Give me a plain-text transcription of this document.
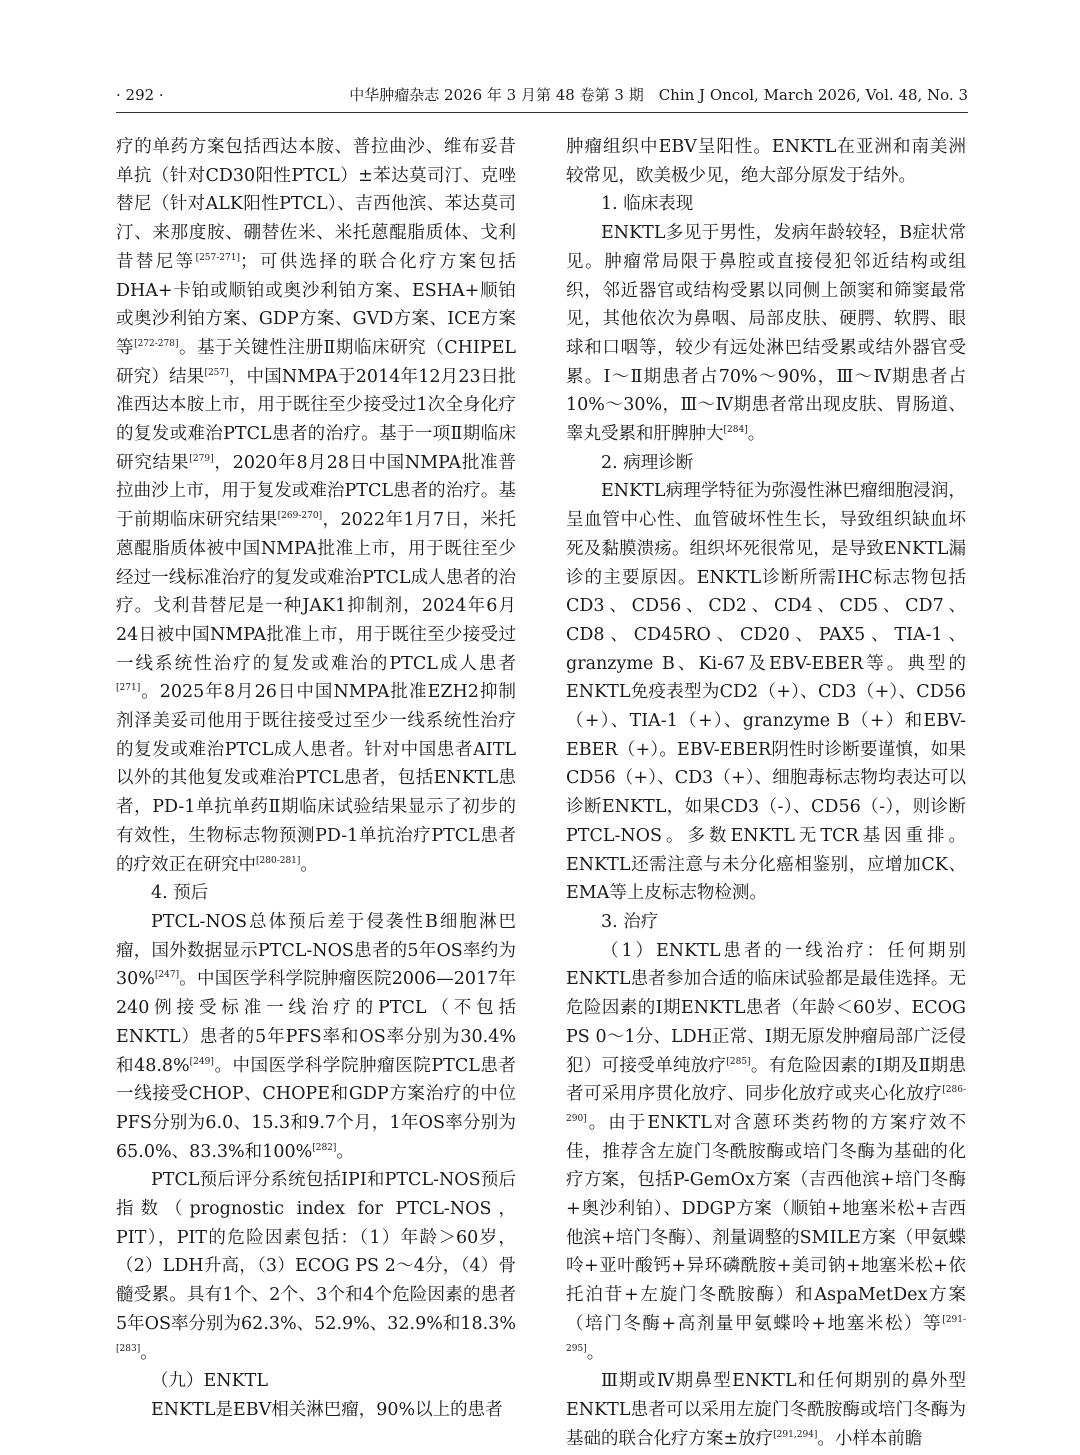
· 292 ·	中华肿瘤杂志 2026 年 3 月第 48 卷第 3 期　Chin J Oncol, March 2026, Vol. 48, No. 3

疗的单药方案包括西达本胺、普拉曲沙、维布妥昔单抗（针对CD30阳性PTCL）±苯达莫司汀、克唑替尼（针对ALK阳性PTCL）、吉西他滨、苯达莫司汀、来那度胺、硼替佐米、米托蒽醌脂质体、戈利昔替尼等[257-271]；可供选择的联合化疗方案包括DHA+卡铂或顺铂或奥沙利铂方案、ESHA+顺铂或奥沙利铂方案、GDP方案、GVD方案、ICE方案等[272-278]。基于关键性注册Ⅱ期临床研究（CHIPEL研究）结果[257]，中国NMPA于2014年12月23日批准西达本胺上市，用于既往至少接受过1次全身化疗的复发或难治PTCL患者的治疗。基于一项Ⅱ期临床研究结果[279]，2020年8月28日中国NMPA批准普拉曲沙上市，用于复发或难治PTCL患者的治疗。基于前期临床研究结果[269-270]，2022年1月7日，米托蒽醌脂质体被中国NMPA批准上市，用于既往至少经过一线标准治疗的复发或难治PTCL成人患者的治疗。戈利昔替尼是一种JAK1抑制剂，2024年6月24日被中国NMPA批准上市，用于既往至少接受过一线系统性治疗的复发或难治的PTCL成人患者[271]。2025年8月26日中国NMPA批准EZH2抑制剂泽美妥司他用于既往接受过至少一线系统性治疗的复发或难治PTCL成人患者。针对中国患者AITL以外的其他复发或难治PTCL患者，包括ENKTL患者，PD-1单抗单药Ⅱ期临床试验结果显示了初步的有效性，生物标志物预测PD-1单抗治疗PTCL患者的疗效正在研究中[280-281]。

4. 预后

PTCL-NOS总体预后差于侵袭性B细胞淋巴瘤，国外数据显示PTCL-NOS患者的5年OS率约为30%[247]。中国医学科学院肿瘤医院2006—2017年240例接受标准一线治疗的PTCL（不包括ENKTL）患者的5年PFS率和OS率分别为30.4%和48.8%[249]。中国医学科学院肿瘤医院PTCL患者一线接受CHOP、CHOPE和GDP方案治疗的中位PFS分别为6.0、15.3和9.7个月，1年OS率分别为65.0%、83.3%和100%[282]。

PTCL预后评分系统包括IPI和PTCL-NOS预后指数（prognostic index for PTCL-NOS，PIT），PIT的危险因素包括：（1）年龄＞60岁，（2）LDH升高，（3）ECOG PS 2～4分，（4）骨髓受累。具有1个、2个、3个和4个危险因素的患者5年OS率分别为62.3%、52.9%、32.9%和18.3%[283]。

（九）ENKTL

ENKTL是EBV相关淋巴瘤，90%以上的患者

肿瘤组织中EBV呈阳性。ENKTL在亚洲和南美洲较常见，欧美极少见，绝大部分原发于结外。

1. 临床表现

ENKTL多见于男性，发病年龄较轻，B症状常见。肿瘤常局限于鼻腔或直接侵犯邻近结构或组织，邻近器官或结构受累以同侧上颌窦和筛窦最常见，其他依次为鼻咽、局部皮肤、硬腭、软腭、眼球和口咽等，较少有远处淋巴结受累或结外器官受累。Ⅰ～Ⅱ期患者占70%～90%，Ⅲ～Ⅳ期患者占10%～30%，Ⅲ～Ⅳ期患者常出现皮肤、胃肠道、睾丸受累和肝脾肿大[284]。

2. 病理诊断

ENKTL病理学特征为弥漫性淋巴瘤细胞浸润，呈血管中心性、血管破坏性生长，导致组织缺血坏死及黏膜溃疡。组织坏死很常见，是导致ENKTL漏诊的主要原因。ENKTL诊断所需IHC标志物包括CD3、CD56、CD2、CD4、CD5、CD7、CD8、CD45RO、CD20、PAX5、TIA-1、granzyme B、Ki-67及EBV-EBER等。典型的ENKTL免疫表型为CD2（+）、CD3（+）、CD56（+）、TIA-1（+）、granzyme B（+）和EBV-EBER（+）。EBV-EBER阴性时诊断要谨慎，如果CD56（+）、CD3（+）、细胞毒标志物均表达可以诊断ENKTL，如果CD3（-）、CD56（-），则诊断PTCL-NOS。多数ENKTL无TCR基因重排。ENKTL还需注意与未分化癌相鉴别，应增加CK、EMA等上皮标志物检测。

3. 治疗

（1）ENKTL患者的一线治疗：任何期别ENKTL患者参加合适的临床试验都是最佳选择。无危险因素的Ⅰ期ENKTL患者（年龄＜60岁、ECOG PS 0～1分、LDH正常、Ⅰ期无原发肿瘤局部广泛侵犯）可接受单纯放疗[285]。有危险因素的Ⅰ期及Ⅱ期患者可采用序贯化放疗、同步化放疗或夹心化放疗[286-290]。由于ENKTL对含蒽环类药物的方案疗效不佳，推荐含左旋门冬酰胺酶或培门冬酶为基础的化疗方案，包括P-GemOx方案（吉西他滨+培门冬酶+奥沙利铂）、DDGP方案（顺铂+地塞米松+吉西他滨+培门冬酶）、剂量调整的SMILE方案（甲氨蝶呤+亚叶酸钙+异环磷酰胺+美司钠+地塞米松+依托泊苷+左旋门冬酰胺酶）和AspaMetDex方案（培门冬酶+高剂量甲氨蝶呤+地塞米松）等[291-295]。

Ⅲ期或Ⅳ期鼻型ENKTL和任何期别的鼻外型ENKTL患者可以采用左旋门冬酰胺酶或培门冬酶为基础的联合化疗方案±放疗[291,294]。小样本前瞻
